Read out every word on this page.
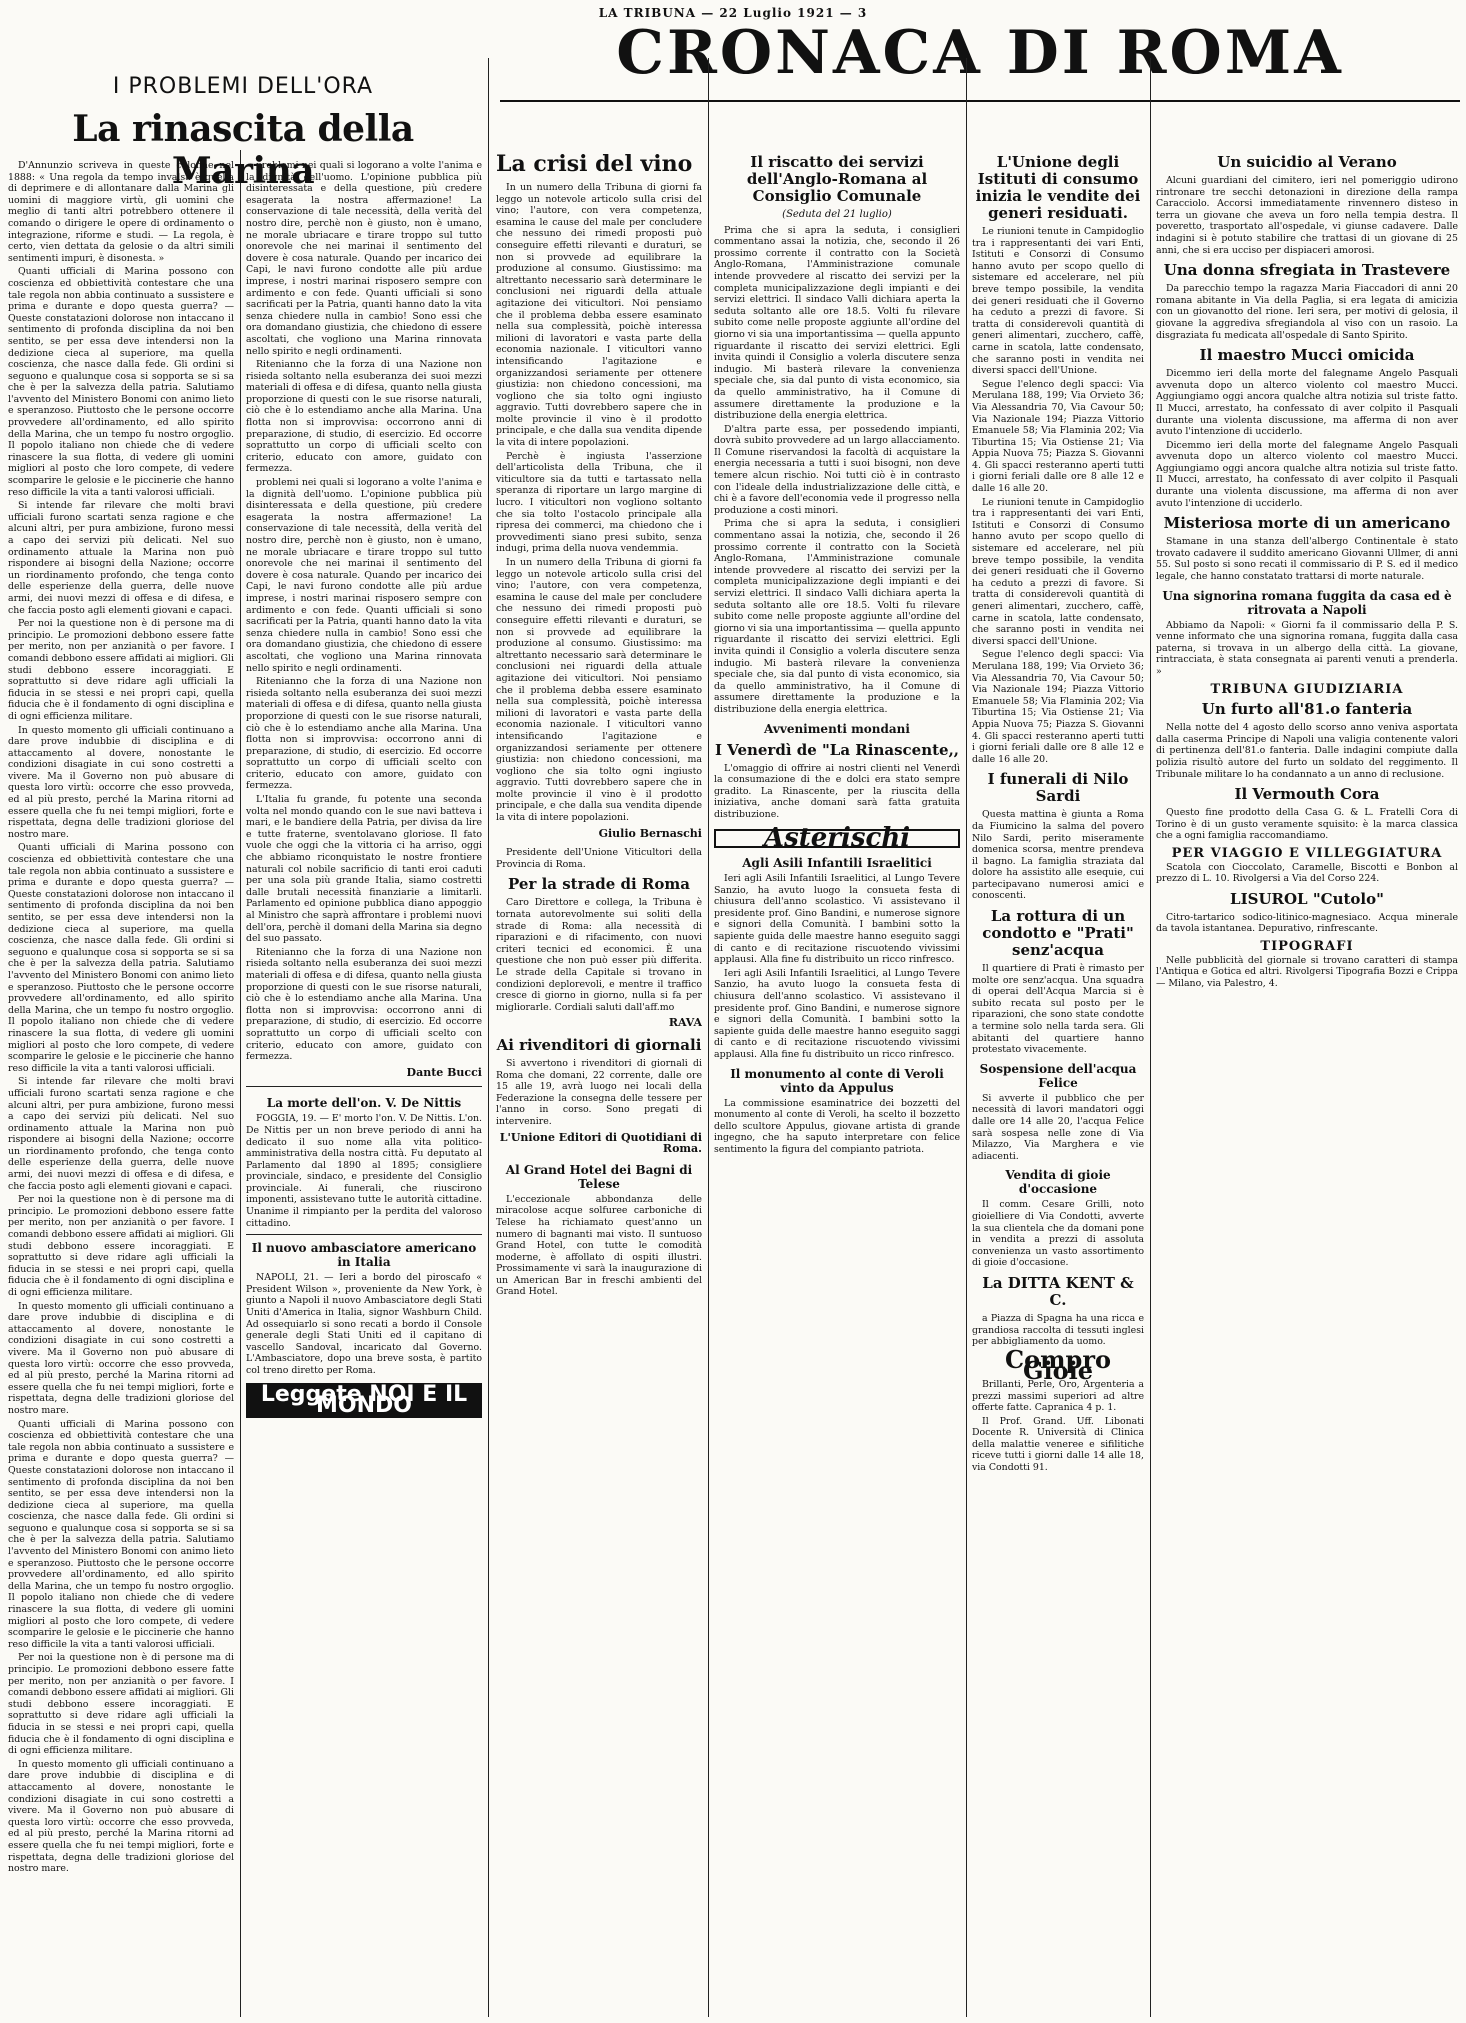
LA TRIBUNA — 22 Luglio 1921 — 3
CRONACA DI ROMA
I PROBLEMI DELL'ORA
La rinascita della Marina

D'Annunzio scriveva in queste colonne nel 1888: « Una regola da tempo invalsa è quella di deprimere e di allontanare dalla Marina gli uomini di maggiore virtù, gli uomini che meglio di tanti altri potrebbero ottenere il comando o dirigere le opere di ordinamento o integrazione, riforme e studi. — La regola, è certo, vien dettata da gelosie o da altri simili sentimenti impuri, è disonesta. »

Quanti ufficiali di Marina possono con coscienza ed obbiettività contestare che una tale regola non abbia continuato a sussistere e prima e durante e dopo questa guerra? — Queste constatazioni dolorose non intaccano il sentimento di profonda disciplina da noi ben sentito, se per essa deve intendersi non la dedizione cieca al superiore, ma quella coscienza, che nasce dalla fede. Gli ordini si seguono e qualunque cosa si sopporta se si sa che è per la salvezza della patria. Salutiamo l'avvento del Ministero Bonomi con animo lieto e speranzoso. Piuttosto che le persone occorre provvedere all'ordinamento, ed allo spirito della Marina, che un tempo fu nostro orgoglio. Il popolo italiano non chiede che di vedere rinascere la sua flotta, di vedere gli uomini migliori al posto che loro compete, di vedere scomparire le gelosie e le piccinerie che hanno reso difficile la vita a tanti valorosi ufficiali.

Si intende far rilevare che molti bravi ufficiali furono scartati senza ragione e che alcuni altri, per pura ambizione, furono messi a capo dei servizi più delicati. Nel suo ordinamento attuale la Marina non può rispondere ai bisogni della Nazione; occorre un riordinamento profondo, che tenga conto delle esperienze della guerra, delle nuove armi, dei nuovi mezzi di offesa e di difesa, e che faccia posto agli elementi giovani e capaci.

Per noi la questione non è di persone ma di principio. Le promozioni debbono essere fatte per merito, non per anzianità o per favore. I comandi debbono essere affidati ai migliori. Gli studi debbono essere incoraggiati. E soprattutto si deve ridare agli ufficiali la fiducia in se stessi e nei propri capi, quella fiducia che è il fondamento di ogni disciplina e di ogni efficienza militare.

In questo momento gli ufficiali continuano a dare prove indubbie di disciplina e di attaccamento al dovere, nonostante le condizioni disagiate in cui sono costretti a vivere. Ma il Governo non può abusare di questa loro virtù: occorre che esso provveda, ed al più presto, perché la Marina ritorni ad essere quella che fu nei tempi migliori, forte e rispettata, degna delle tradizioni gloriose del nostro mare.

Quanti ufficiali di Marina possono con coscienza ed obbiettività contestare che una tale regola non abbia continuato a sussistere e prima e durante e dopo questa guerra? — Queste constatazioni dolorose non intaccano il sentimento di profonda disciplina da noi ben sentito, se per essa deve intendersi non la dedizione cieca al superiore, ma quella coscienza, che nasce dalla fede. Gli ordini si seguono e qualunque cosa si sopporta se si sa che è per la salvezza della patria. Salutiamo l'avvento del Ministero Bonomi con animo lieto e speranzoso. Piuttosto che le persone occorre provvedere all'ordinamento, ed allo spirito della Marina, che un tempo fu nostro orgoglio. Il popolo italiano non chiede che di vedere rinascere la sua flotta, di vedere gli uomini migliori al posto che loro compete, di vedere scomparire le gelosie e le piccinerie che hanno reso difficile la vita a tanti valorosi ufficiali.

Si intende far rilevare che molti bravi ufficiali furono scartati senza ragione e che alcuni altri, per pura ambizione, furono messi a capo dei servizi più delicati. Nel suo ordinamento attuale la Marina non può rispondere ai bisogni della Nazione; occorre un riordinamento profondo, che tenga conto delle esperienze della guerra, delle nuove armi, dei nuovi mezzi di offesa e di difesa, e che faccia posto agli elementi giovani e capaci.

Per noi la questione non è di persone ma di principio. Le promozioni debbono essere fatte per merito, non per anzianità o per favore. I comandi debbono essere affidati ai migliori. Gli studi debbono essere incoraggiati. E soprattutto si deve ridare agli ufficiali la fiducia in se stessi e nei propri capi, quella fiducia che è il fondamento di ogni disciplina e di ogni efficienza militare.

In questo momento gli ufficiali continuano a dare prove indubbie di disciplina e di attaccamento al dovere, nonostante le condizioni disagiate in cui sono costretti a vivere. Ma il Governo non può abusare di questa loro virtù: occorre che esso provveda, ed al più presto, perché la Marina ritorni ad essere quella che fu nei tempi migliori, forte e rispettata, degna delle tradizioni gloriose del nostro mare.

Quanti ufficiali di Marina possono con coscienza ed obbiettività contestare che una tale regola non abbia continuato a sussistere e prima e durante e dopo questa guerra? — Queste constatazioni dolorose non intaccano il sentimento di profonda disciplina da noi ben sentito, se per essa deve intendersi non la dedizione cieca al superiore, ma quella coscienza, che nasce dalla fede. Gli ordini si seguono e qualunque cosa si sopporta se si sa che è per la salvezza della patria. Salutiamo l'avvento del Ministero Bonomi con animo lieto e speranzoso. Piuttosto che le persone occorre provvedere all'ordinamento, ed allo spirito della Marina, che un tempo fu nostro orgoglio. Il popolo italiano non chiede che di vedere rinascere la sua flotta, di vedere gli uomini migliori al posto che loro compete, di vedere scomparire le gelosie e le piccinerie che hanno reso difficile la vita a tanti valorosi ufficiali.

Per noi la questione non è di persone ma di principio. Le promozioni debbono essere fatte per merito, non per anzianità o per favore. I comandi debbono essere affidati ai migliori. Gli studi debbono essere incoraggiati. E soprattutto si deve ridare agli ufficiali la fiducia in se stessi e nei propri capi, quella fiducia che è il fondamento di ogni disciplina e di ogni efficienza militare.

In questo momento gli ufficiali continuano a dare prove indubbie di disciplina e di attaccamento al dovere, nonostante le condizioni disagiate in cui sono costretti a vivere. Ma il Governo non può abusare di questa loro virtù: occorre che esso provveda, ed al più presto, perché la Marina ritorni ad essere quella che fu nei tempi migliori, forte e rispettata, degna delle tradizioni gloriose del nostro mare.

problemi nei quali si logorano a volte l'anima e la dignità dell'uomo. L'opinione pubblica più disinteressata e della questione, più credere esagerata la nostra affermazione! La conservazione di tale necessità, della verità del nostro dire, perchè non è giusto, non è umano, ne morale ubriacare e tirare troppo sul tutto onorevole che nei marinai il sentimento del dovere è cosa naturale. Quando per incarico dei Capi, le navi furono condotte alle più ardue imprese, i nostri marinai risposero sempre con ardimento e con fede. Quanti ufficiali si sono sacrificati per la Patria, quanti hanno dato la vita senza chiedere nulla in cambio! Sono essi che ora domandano giustizia, che chiedono di essere ascoltati, che vogliono una Marina rinnovata nello spirito e negli ordinamenti.

Ritenianno che la forza di una Nazione non risieda soltanto nella esuberanza dei suoi mezzi materiali di offesa e di difesa, quanto nella giusta proporzione di questi con le sue risorse naturali, ciò che è lo estendiamo anche alla Marina. Una flotta non si improvvisa: occorrono anni di preparazione, di studio, di esercizio. Ed occorre soprattutto un corpo di ufficiali scelto con criterio, educato con amore, guidato con fermezza.

problemi nei quali si logorano a volte l'anima e la dignità dell'uomo. L'opinione pubblica più disinteressata e della questione, più credere esagerata la nostra affermazione! La conservazione di tale necessità, della verità del nostro dire, perchè non è giusto, non è umano, ne morale ubriacare e tirare troppo sul tutto onorevole che nei marinai il sentimento del dovere è cosa naturale. Quando per incarico dei Capi, le navi furono condotte alle più ardue imprese, i nostri marinai risposero sempre con ardimento e con fede. Quanti ufficiali si sono sacrificati per la Patria, quanti hanno dato la vita senza chiedere nulla in cambio! Sono essi che ora domandano giustizia, che chiedono di essere ascoltati, che vogliono una Marina rinnovata nello spirito e negli ordinamenti.

Ritenianno che la forza di una Nazione non risieda soltanto nella esuberanza dei suoi mezzi materiali di offesa e di difesa, quanto nella giusta proporzione di questi con le sue risorse naturali, ciò che è lo estendiamo anche alla Marina. Una flotta non si improvvisa: occorrono anni di preparazione, di studio, di esercizio. Ed occorre soprattutto un corpo di ufficiali scelto con criterio, educato con amore, guidato con fermezza.

L'Italia fu grande, fu potente una seconda volta nel mondo quando con le sue navi batteva i mari, e le bandiere della Patria, per divisa da lire e tutte fraterne, sventolavano gloriose. Il fato vuole che oggi che la vittoria ci ha arriso, oggi che abbiamo riconquistato le nostre frontiere naturali col nobile sacrificio di tanti eroi caduti per una sola più grande Italia, siamo costretti dalle brutali necessità finanziarie a limitarli. Parlamento ed opinione pubblica diano appoggio al Ministro che saprà affrontare i problemi nuovi dell'ora, perchè il domani della Marina sia degno del suo passato.

Ritenianno che la forza di una Nazione non risieda soltanto nella esuberanza dei suoi mezzi materiali di offesa e di difesa, quanto nella giusta proporzione di questi con le sue risorse naturali, ciò che è lo estendiamo anche alla Marina. Una flotta non si improvvisa: occorrono anni di preparazione, di studio, di esercizio. Ed occorre soprattutto un corpo di ufficiali scelto con criterio, educato con amore, guidato con fermezza.

Dante Bucci
La morte dell'on. V. De Nittis

FOGGIA, 19. — E' morto l'on. V. De Nittis. L'on. De Nittis per un non breve periodo di anni ha dedicato il suo nome alla vita politico-amministrativa della nostra città. Fu deputato al Parlamento dal 1890 al 1895; consigliere provinciale, sindaco, e presidente del Consiglio provinciale. Ai funerali, che riuscirono imponenti, assistevano tutte le autorità cittadine. Unanime il rimpianto per la perdita del valoroso cittadino.

Il nuovo ambasciatore americano in Italia

NAPOLI, 21. — Ieri a bordo del piroscafo « President Wilson », proveniente da New York, è giunto a Napoli il nuovo Ambasciatore degli Stati Uniti d'America in Italia, signor Washburn Child. Ad ossequiarlo si sono recati a bordo il Console generale degli Stati Uniti ed il capitano di vascello Sandoval, incaricato dal Governo. L'Ambasciatore, dopo una breve sosta, è partito col treno diretto per Roma.

Leggete NOI E IL MONDO
La crisi del vino

In un numero della Tribuna di giorni fa leggo un notevole articolo sulla crisi del vino; l'autore, con vera competenza, esamina le cause del male per concludere che nessuno dei rimedi proposti può conseguire effetti rilevanti e duraturi, se non si provvede ad equilibrare la produzione al consumo. Giustissimo: ma altrettanto necessario sarà determinare le conclusioni nei riguardi della attuale agitazione dei viticultori. Noi pensiamo che il problema debba essere esaminato nella sua complessità, poichè interessa milioni di lavoratori e vasta parte della economia nazionale. I viticultori vanno intensificando l'agitazione e organizzandosi seriamente per ottenere giustizia: non chiedono concessioni, ma vogliono che sia tolto ogni ingiusto aggravio. Tutti dovrebbero sapere che in molte provincie il vino è il prodotto principale, e che dalla sua vendita dipende la vita di intere popolazioni.

Perchè è ingiusta l'asserzione dell'articolista della Tribuna, che il viticultore sia da tutti e tartassato nella speranza di riportare un largo margine di lucro. I viticultori non vogliono soltanto che sia tolto l'ostacolo principale alla ripresa dei commerci, ma chiedono che i provvedimenti siano presi subito, senza indugi, prima della nuova vendemmia.

In un numero della Tribuna di giorni fa leggo un notevole articolo sulla crisi del vino; l'autore, con vera competenza, esamina le cause del male per concludere che nessuno dei rimedi proposti può conseguire effetti rilevanti e duraturi, se non si provvede ad equilibrare la produzione al consumo. Giustissimo: ma altrettanto necessario sarà determinare le conclusioni nei riguardi della attuale agitazione dei viticultori. Noi pensiamo che il problema debba essere esaminato nella sua complessità, poichè interessa milioni di lavoratori e vasta parte della economia nazionale. I viticultori vanno intensificando l'agitazione e organizzandosi seriamente per ottenere giustizia: non chiedono concessioni, ma vogliono che sia tolto ogni ingiusto aggravio. Tutti dovrebbero sapere che in molte provincie il vino è il prodotto principale, e che dalla sua vendita dipende la vita di intere popolazioni.

Giulio Bernaschi

Presidente dell'Unione Viticultori della Provincia di Roma.

Per la strade di Roma

Caro Direttore e collega, la Tribuna è tornata autorevolmente sui soliti della strade di Roma: alla necessità di riparazioni e di rifacimento, con nuovi criteri tecnici ed economici. È una questione che non può esser più differita. Le strade della Capitale si trovano in condizioni deplorevoli, e mentre il traffico cresce di giorno in giorno, nulla si fa per migliorarle. Cordiali saluti dall'aff.mo

RAVA
Ai rivenditori di giornali

Si avvertono i rivenditori di giornali di Roma che domani, 22 corrente, dalle ore 15 alle 19, avrà luogo nei locali della Federazione la consegna delle tessere per l'anno in corso. Sono pregati di intervenire.

L'Unione Editori di Quotidiani di Roma.
Al Grand Hotel dei Bagni di Telese

L'eccezionale abbondanza delle miracolose acque solfuree carboniche di Telese ha richiamato quest'anno un numero di bagnanti mai visto. Il suntuoso Grand Hotel, con tutte le comodità moderne, è affollato di ospiti illustri. Prossimamente vi sarà la inaugurazione di un American Bar in freschi ambienti del Grand Hotel.

Il riscatto dei servizi dell'Anglo-Romana al Consiglio Comunale
(Seduta del 21 luglio)

Prima che si apra la seduta, i consiglieri commentano assai la notizia, che, secondo il 26 prossimo corrente il contratto con la Società Anglo-Romana, l'Amministrazione comunale intende provvedere al riscatto dei servizi per la completa municipalizzazione degli impianti e dei servizi elettrici. Il sindaco Valli dichiara aperta la seduta soltanto alle ore 18.5. Volti fu rilevare subito come nelle proposte aggiunte all'ordine del giorno vi sia una importantissima — quella appunto riguardante il riscatto dei servizi elettrici. Egli invita quindi il Consiglio a volerla discutere senza indugio. Mi basterà rilevare la convenienza speciale che, sia dal punto di vista economico, sia da quello amministrativo, ha il Comune di assumere direttamente la produzione e la distribuzione della energia elettrica.

D'altra parte essa, per possedendo impianti, dovrà subito provvedere ad un largo allacciamento. Il Comune riservandosi la facoltà di acquistare la energia necessaria a tutti i suoi bisogni, non deve temere alcun rischio. Noi tutti ciò è in contrasto con l'ideale della industrializzazione delle città, e chi è a favore dell'economia vede il progresso nella produzione a costi minori.

Prima che si apra la seduta, i consiglieri commentano assai la notizia, che, secondo il 26 prossimo corrente il contratto con la Società Anglo-Romana, l'Amministrazione comunale intende provvedere al riscatto dei servizi per la completa municipalizzazione degli impianti e dei servizi elettrici. Il sindaco Valli dichiara aperta la seduta soltanto alle ore 18.5. Volti fu rilevare subito come nelle proposte aggiunte all'ordine del giorno vi sia una importantissima — quella appunto riguardante il riscatto dei servizi elettrici. Egli invita quindi il Consiglio a volerla discutere senza indugio. Mi basterà rilevare la convenienza speciale che, sia dal punto di vista economico, sia da quello amministrativo, ha il Comune di assumere direttamente la produzione e la distribuzione della energia elettrica.

Avvenimenti mondani
I Venerdì de "La Rinascente,,

L'omaggio di offrire ai nostri clienti nel Venerdì la consumazione di the e dolci era stato sempre gradito. La Rinascente, per la riuscita della iniziativa, anche domani sarà fatta gratuita distribuzione.

Asterischi
Agli Asili Infantili Israelitici

Ieri agli Asili Infantili Israelitici, al Lungo Tevere Sanzio, ha avuto luogo la consueta festa di chiusura dell'anno scolastico. Vi assistevano il presidente prof. Gino Bandini, e numerose signore e signori della Comunità. I bambini sotto la sapiente guida delle maestre hanno eseguito saggi di canto e di recitazione riscuotendo vivissimi applausi. Alla fine fu distribuito un ricco rinfresco.

Ieri agli Asili Infantili Israelitici, al Lungo Tevere Sanzio, ha avuto luogo la consueta festa di chiusura dell'anno scolastico. Vi assistevano il presidente prof. Gino Bandini, e numerose signore e signori della Comunità. I bambini sotto la sapiente guida delle maestre hanno eseguito saggi di canto e di recitazione riscuotendo vivissimi applausi. Alla fine fu distribuito un ricco rinfresco.

Il monumento al conte di Veroli vinto da Appulus

La commissione esaminatrice dei bozzetti del monumento al conte di Veroli, ha scelto il bozzetto dello scultore Appulus, giovane artista di grande ingegno, che ha saputo interpretare con felice sentimento la figura del compianto patriota.

L'Unione degli Istituti di consumo inizia le vendite dei generi residuati.

Le riunioni tenute in Campidoglio tra i rappresentanti dei vari Enti, Istituti e Consorzi di Consumo hanno avuto per scopo quello di sistemare ed accelerare, nel più breve tempo possibile, la vendita dei generi residuati che il Governo ha ceduto a prezzi di favore. Si tratta di considerevoli quantità di generi alimentari, zucchero, caffè, carne in scatola, latte condensato, che saranno posti in vendita nei diversi spacci dell'Unione.

Segue l'elenco degli spacci: Via Merulana 188, 199; Via Orvieto 36; Via Alessandria 70, Via Cavour 50; Via Nazionale 194; Piazza Vittorio Emanuele 58; Via Flaminia 202; Via Tiburtina 15; Via Ostiense 21; Via Appia Nuova 75; Piazza S. Giovanni 4. Gli spacci resteranno aperti tutti i giorni feriali dalle ore 8 alle 12 e dalle 16 alle 20.

Le riunioni tenute in Campidoglio tra i rappresentanti dei vari Enti, Istituti e Consorzi di Consumo hanno avuto per scopo quello di sistemare ed accelerare, nel più breve tempo possibile, la vendita dei generi residuati che il Governo ha ceduto a prezzi di favore. Si tratta di considerevoli quantità di generi alimentari, zucchero, caffè, carne in scatola, latte condensato, che saranno posti in vendita nei diversi spacci dell'Unione.

Segue l'elenco degli spacci: Via Merulana 188, 199; Via Orvieto 36; Via Alessandria 70, Via Cavour 50; Via Nazionale 194; Piazza Vittorio Emanuele 58; Via Flaminia 202; Via Tiburtina 15; Via Ostiense 21; Via Appia Nuova 75; Piazza S. Giovanni 4. Gli spacci resteranno aperti tutti i giorni feriali dalle ore 8 alle 12 e dalle 16 alle 20.

I funerali di Nilo Sardi

Questa mattina è giunta a Roma da Fiumicino la salma del povero Nilo Sardi, perito miseramente domenica scorsa, mentre prendeva il bagno. La famiglia straziata dal dolore ha assistito alle esequie, cui partecipavano numerosi amici e conoscenti.

La rottura di un condotto e "Prati" senz'acqua

Il quartiere di Prati è rimasto per molte ore senz'acqua. Una squadra di operai dell'Acqua Marcia si è subito recata sul posto per le riparazioni, che sono state condotte a termine solo nella tarda sera. Gli abitanti del quartiere hanno protestato vivacemente.

Sospensione dell'acqua Felice

Si avverte il pubblico che per necessità di lavori mandatori oggi dalle ore 14 alle 20, l'acqua Felice sarà sospesa nelle zone di Via Milazzo, Via Marghera e vie adiacenti.

Vendita di gioie d'occasione

Il comm. Cesare Grilli, noto gioielliere di Via Condotti, avverte la sua clientela che da domani pone in vendita a prezzi di assoluta convenienza un vasto assortimento di gioie d'occasione.

La DITTA KENT & C.

a Piazza di Spagna ha una ricca e grandiosa raccolta di tessuti inglesi per abbigliamento da uomo.

Compro Gioie

Brillanti, Perle, Oro, Argenteria a prezzi massimi superiori ad altre offerte fatte. Capranica 4 p. 1.

Il Prof. Grand. Uff. Libonati Docente R. Università di Clinica della malattie veneree e sifilitiche riceve tutti i giorni dalle 14 alle 18, via Condotti 91.

Un suicidio al Verano

Alcuni guardiani del cimitero, ieri nel pomeriggio udirono rintronare tre secchi detonazioni in direzione della rampa Caracciolo. Accorsi immediatamente rinvennero disteso in terra un giovane che aveva un foro nella tempia destra. Il poveretto, trasportato all'ospedale, vi giunse cadavere. Dalle indagini si è potuto stabilire che trattasi di un giovane di 25 anni, che si era ucciso per dispiaceri amorosi.

Una donna sfregiata in Trastevere

Da parecchio tempo la ragazza Maria Fiaccadori di anni 20 romana abitante in Via della Paglia, si era legata di amicizia con un giovanotto del rione. Ieri sera, per motivi di gelosia, il giovane la aggrediva sfregiandola al viso con un rasoio. La disgraziata fu medicata all'ospedale di Santo Spirito.

Il maestro Mucci omicida

Dicemmo ieri della morte del falegname Angelo Pasquali avvenuta dopo un alterco violento col maestro Mucci. Aggiungiamo oggi ancora qualche altra notizia sul triste fatto. Il Mucci, arrestato, ha confessato di aver colpito il Pasquali durante una violenta discussione, ma afferma di non aver avuto l'intenzione di ucciderlo.

Dicemmo ieri della morte del falegname Angelo Pasquali avvenuta dopo un alterco violento col maestro Mucci. Aggiungiamo oggi ancora qualche altra notizia sul triste fatto. Il Mucci, arrestato, ha confessato di aver colpito il Pasquali durante una violenta discussione, ma afferma di non aver avuto l'intenzione di ucciderlo.

Misteriosa morte di un americano

Stamane in una stanza dell'albergo Continentale è stato trovato cadavere il suddito americano Giovanni Ullmer, di anni 55. Sul posto si sono recati il commissario di P. S. ed il medico legale, che hanno constatato trattarsi di morte naturale.

Una signorina romana fuggita da casa ed è ritrovata a Napoli

Abbiamo da Napoli: « Giorni fa il commissario della P. S. venne informato che una signorina romana, fuggita dalla casa paterna, si trovava in un albergo della città. La giovane, rintracciata, è stata consegnata ai parenti venuti a prenderla. »

TRIBUNA GIUDIZIARIA
Un furto all'81.o fanteria

Nella notte del 4 agosto dello scorso anno veniva asportata dalla caserma Principe di Napoli una valigia contenente valori di pertinenza dell'81.o fanteria. Dalle indagini compiute dalla polizia risultò autore del furto un soldato del reggimento. Il Tribunale militare lo ha condannato a un anno di reclusione.

Il Vermouth Cora

Questo fine prodotto della Casa G. & L. Fratelli Cora di Torino è di un gusto veramente squisito: è la marca classica che a ogni famiglia raccomandiamo.

PER VIAGGIO E VILLEGGIATURA

Scatola con Cioccolato, Caramelle, Biscotti e Bonbon al prezzo di L. 10. Rivolgersi a Via del Corso 224.

LISUROL "Cutolo"

Citro-tartarico sodico-litinico-magnesiaco. Acqua minerale da tavola istantanea. Depurativo, rinfrescante.

TIPOGRAFI

Nelle pubblicità del giornale si trovano caratteri di stampa l'Antiqua e Gotica ed altri. Rivolgersi Tipografia Bozzi e Crippa — Milano, via Palestro, 4.
